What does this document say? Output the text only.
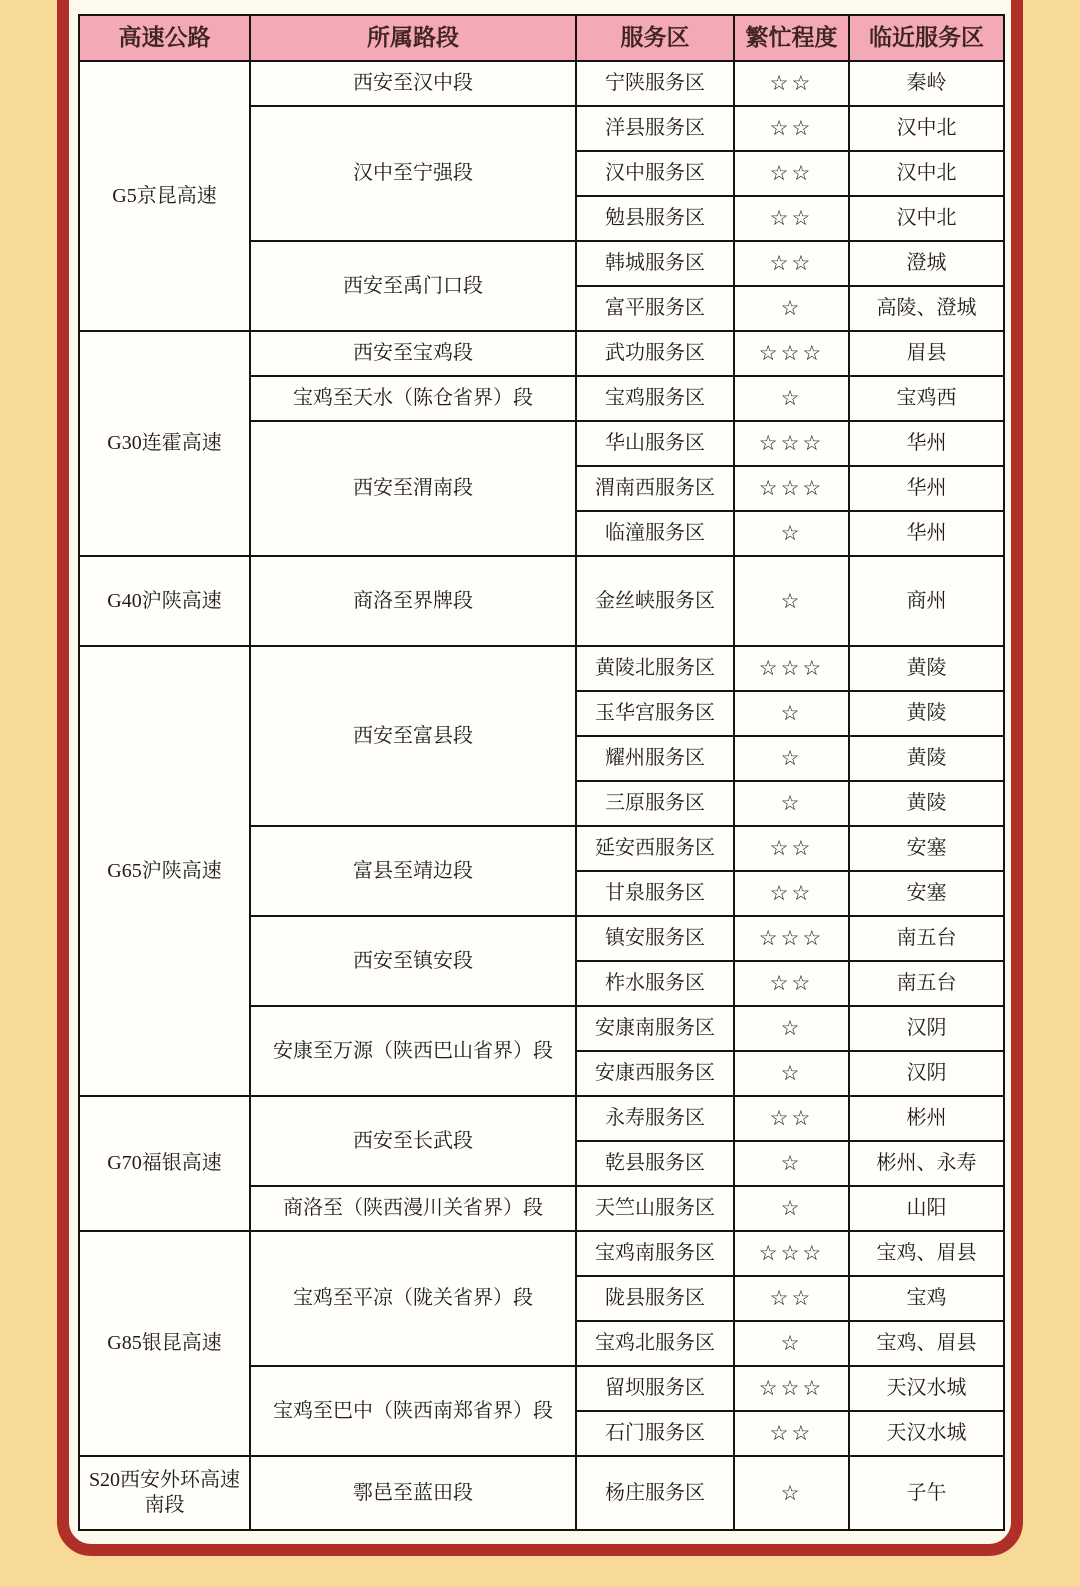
高速公路	所属路段	服务区	繁忙程度	临近服务区
G5京昆高速	西安至汉中段	宁陕服务区	☆☆	秦岭
	汉中至宁强段	洋县服务区	☆☆	汉中北
		汉中服务区	☆☆	汉中北
		勉县服务区	☆☆	汉中北
	西安至禹门口段	韩城服务区	☆☆	澄城
		富平服务区	☆	高陵、澄城
G30连霍高速	西安至宝鸡段	武功服务区	☆☆☆	眉县
	宝鸡至天水（陈仓省界）段	宝鸡服务区	☆	宝鸡西
	西安至渭南段	华山服务区	☆☆☆	华州
		渭南西服务区	☆☆☆	华州
		临潼服务区	☆	华州
G40沪陕高速	商洛至界牌段	金丝峡服务区	☆	商州
G65沪陕高速	西安至富县段	黄陵北服务区	☆☆☆	黄陵
		玉华宫服务区	☆	黄陵
		耀州服务区	☆	黄陵
		三原服务区	☆	黄陵
	富县至靖边段	延安西服务区	☆☆	安塞
		甘泉服务区	☆☆	安塞
	西安至镇安段	镇安服务区	☆☆☆	南五台
		柞水服务区	☆☆	南五台
	安康至万源（陕西巴山省界）段	安康南服务区	☆	汉阴
		安康西服务区	☆	汉阴
G70福银高速	西安至长武段	永寿服务区	☆☆	彬州
		乾县服务区	☆	彬州、永寿
	商洛至（陕西漫川关省界）段	天竺山服务区	☆	山阳
G85银昆高速	宝鸡至平凉（陇关省界）段	宝鸡南服务区	☆☆☆	宝鸡、眉县
		陇县服务区	☆☆	宝鸡
		宝鸡北服务区	☆	宝鸡、眉县
	宝鸡至巴中（陕西南郑省界）段	留坝服务区	☆☆☆	天汉水城
		石门服务区	☆☆	天汉水城
S20西安外环高速南段	鄠邑至蓝田段	杨庄服务区	☆	子午
